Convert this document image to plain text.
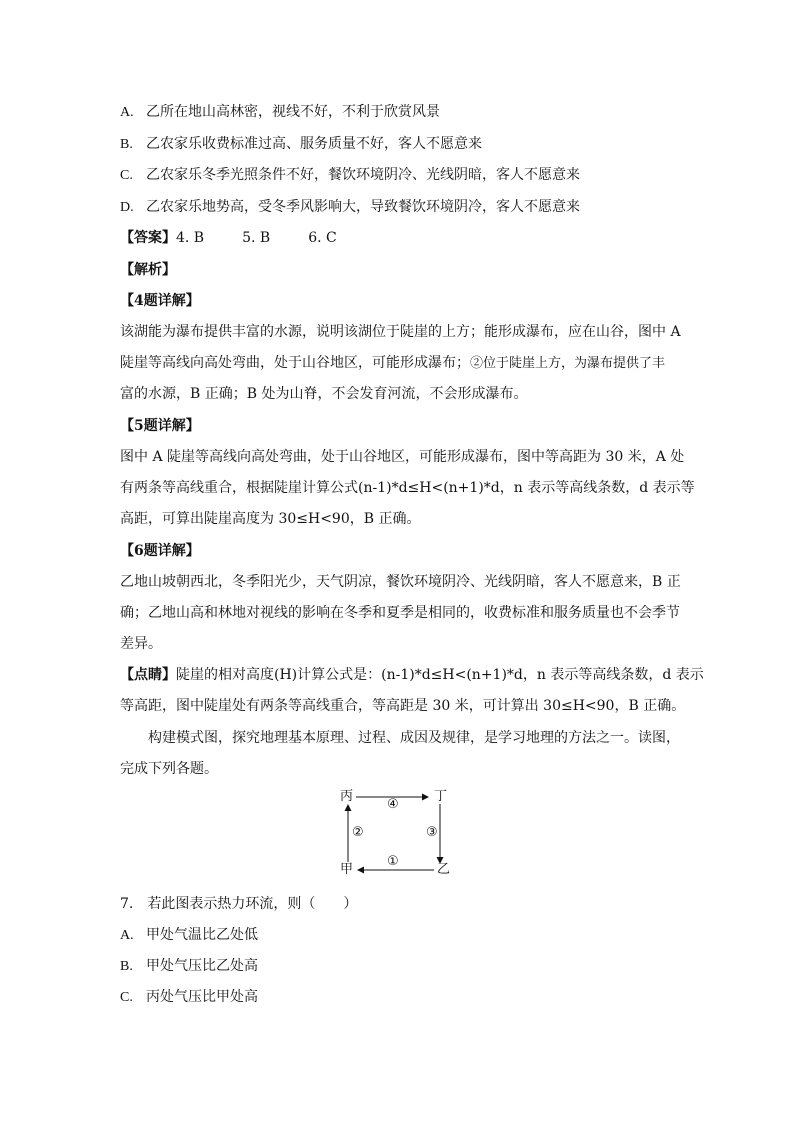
A. 乙所在地山高林密，视线不好，不利于欣赏风景
B. 乙农家乐收费标准过高、服务质量不好，客人不愿意来
C. 乙农家乐冬季光照条件不好，餐饮环境阴冷、光线阴暗，客人不愿意来
D. 乙农家乐地势高，受冬季风影响大，导致餐饮环境阴冷，客人不愿意来
【答案】4. B	5. B	6. C
【解析】
【4题详解】
该湖能为瀑布提供丰富的水源，说明该湖位于陡崖的上方；能形成瀑布，应在山谷，图中 A
陡崖等高线向高处弯曲，处于山谷地区，可能形成瀑布；②位于陡崖上方，为瀑布提供了丰
富的水源，B 正确；B 处为山脊，不会发育河流，不会形成瀑布。
【5题详解】
图中 A 陡崖等高线向高处弯曲，处于山谷地区，可能形成瀑布，图中等高距为 30 米，A 处
有两条等高线重合，根据陡崖计算公式(n-1)*d≤H<(n+1)*d，n 表示等高线条数，d 表示等
高距，可算出陡崖高度为 30≤H<90，B 正确。
【6题详解】
乙地山坡朝西北，冬季阳光少，天气阴凉，餐饮环境阴冷、光线阴暗，客人不愿意来，B 正
确；乙地山高和林地对视线的影响在冬季和夏季是相同的，收费标准和服务质量也不会季节
差异。
【点睛】陡崖的相对高度(H)计算公式是：(n-1)*d≤H<(n+1)*d，n 表示等高线条数，d 表示
等高距，图中陡崖处有两条等高线重合，等高距是 30 米，可计算出 30≤H<90，B 正确。
构建模式图，探究地理基本原理、过程、成因及规律，是学习地理的方法之一。读图，
完成下列各题。
丙	丁
甲	乙
④
②	③
①
7.　若此图表示热力环流，则（　　）
A. 甲处气温比乙处低
B. 甲处气压比乙处高
C. 丙处气压比甲处高
